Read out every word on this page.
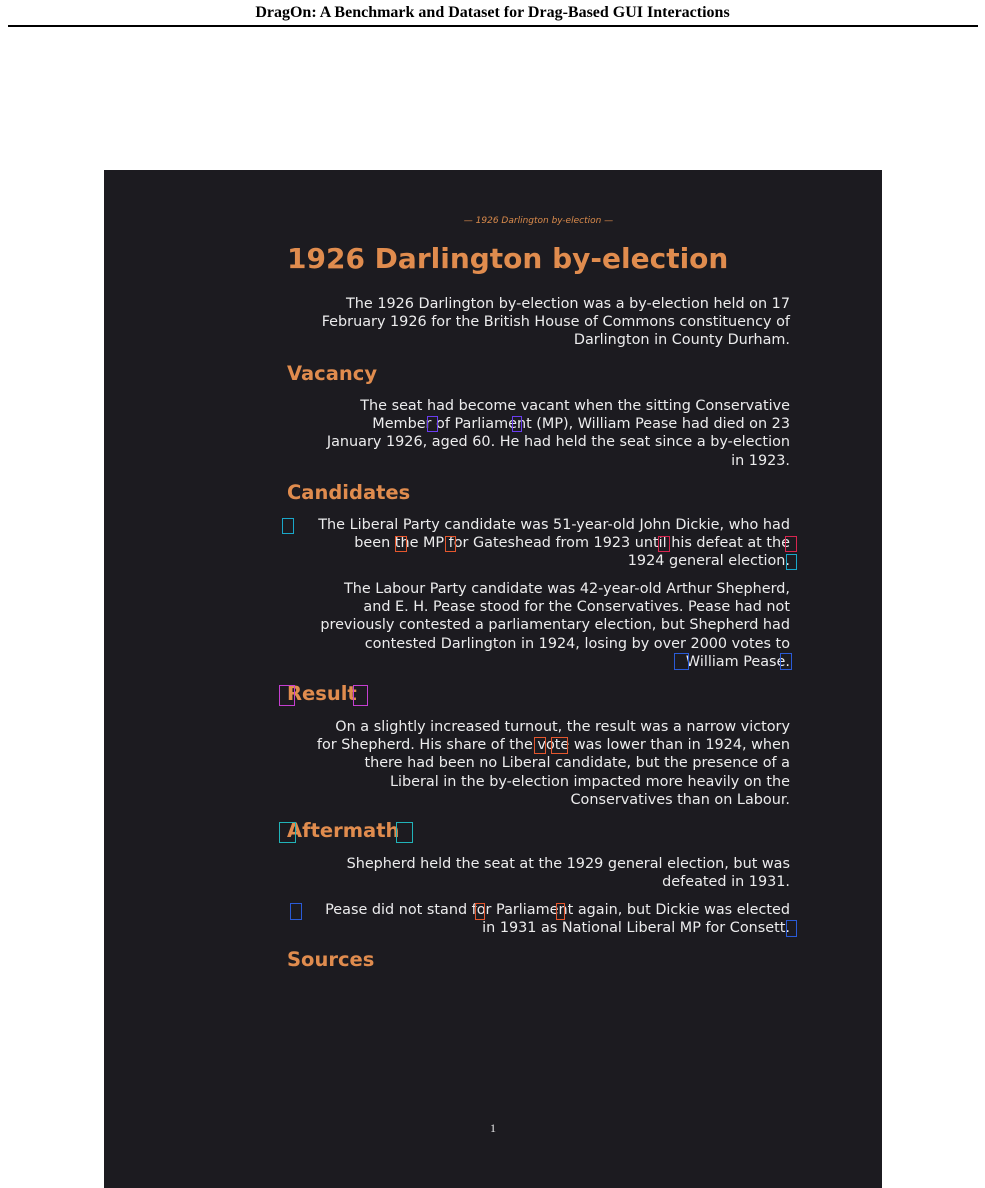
DragOn: A Benchmark and Dataset for Drag-Based GUI Interactions
— 1926 Darlington by-election —
1926 Darlington by-election

The 1926 Darlington by-election was a by-election held on 17
February 1926 for the British House of Commons constituency of
Darlington in County Durham.

Vacancy

The seat had become vacant when the sitting Conservative
Member of Parliament (MP), William Pease had died on 23
January 1926, aged 60. He had held the seat since a by-election
in 1923.

Candidates

The Liberal Party candidate was 51-year-old John Dickie, who had
been the MP for Gateshead from 1923 until his defeat at the
1924 general election.

The Labour Party candidate was 42-year-old Arthur Shepherd,
and E. H. Pease stood for the Conservatives. Pease had not
previously contested a parliamentary election, but Shepherd had
contested Darlington in 1924, losing by over 2000 votes to
William Pease.

Result

On a slightly increased turnout, the result was a narrow victory
for Shepherd. His share of the vote was lower than in 1924, when
there had been no Liberal candidate, but the presence of a
Liberal in the by-election impacted more heavily on the
Conservatives than on Labour.

Aftermath

Shepherd held the seat at the 1929 general election, but was
defeated in 1931.

Pease did not stand for Parliament again, but Dickie was elected
in 1931 as National Liberal MP for Consett.

Sources
1
